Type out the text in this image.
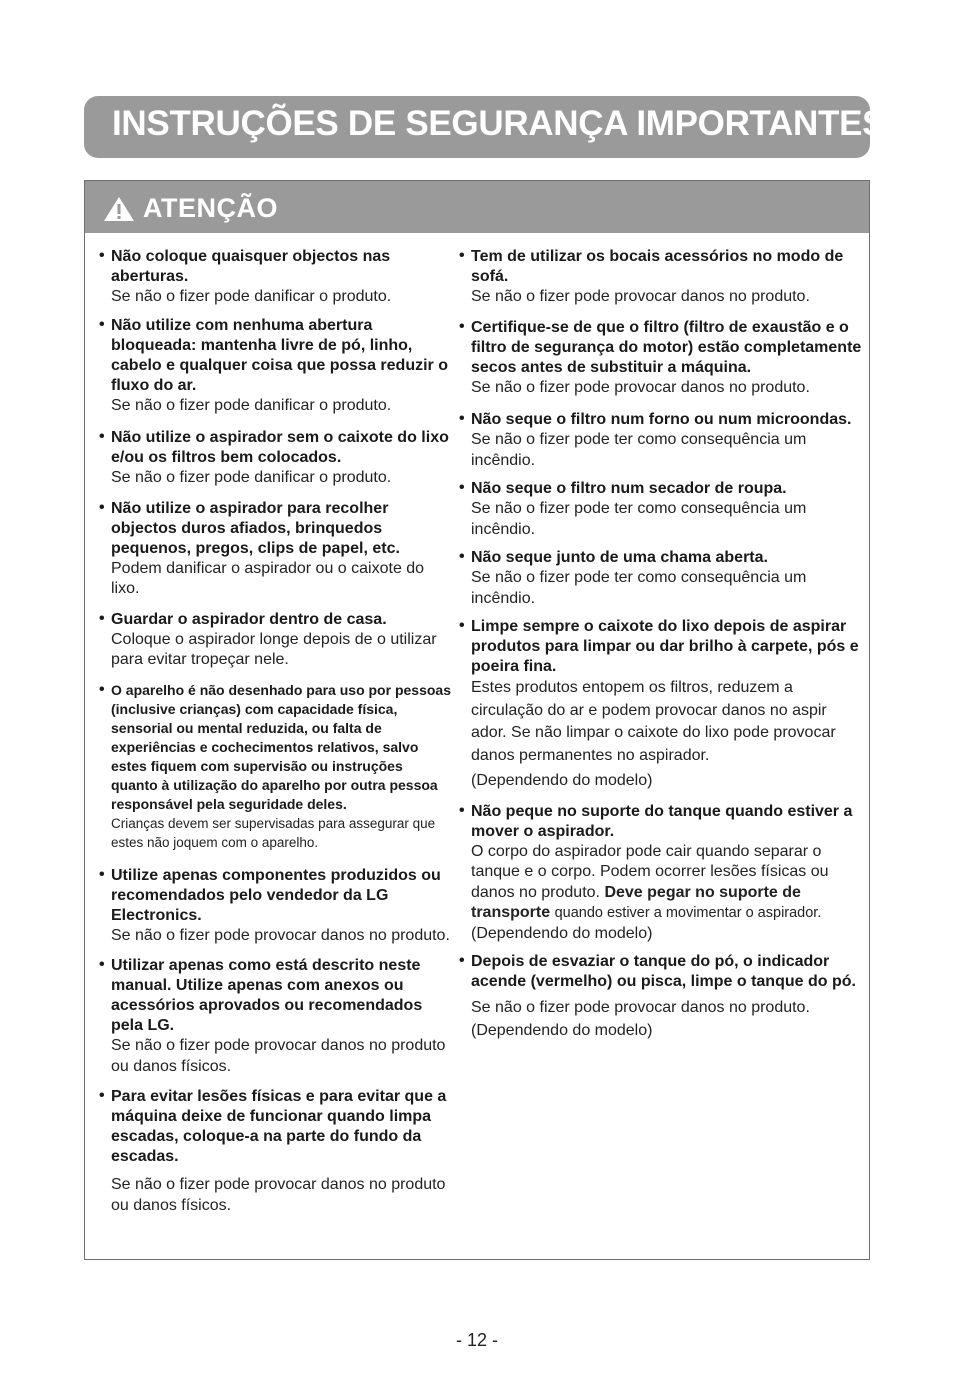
INSTRUÇÕES DE SEGURANÇA IMPORTANTES
ATENÇÃO
• Não coloque quaisquer objectos nas aberturas.
Se não o fizer pode danificar o produto.
• Não utilize com nenhuma abertura bloqueada: mantenha livre de pó, linho, cabelo e qualquer coisa que possa reduzir o fluxo do ar.
Se não o fizer pode danificar o produto.
• Não utilize o aspirador sem o caixote do lixo e/ou os filtros bem colocados.
Se não o fizer pode danificar o produto.
• Não utilize o aspirador para recolher objectos duros afiados, brinquedos pequenos, pregos, clips de papel, etc.
Podem danificar o aspirador ou o caixote do lixo.
• Guardar o aspirador dentro de casa.
Coloque o aspirador longe depois de o utilizar para evitar tropeçar nele.
• O aparelho é não desenhado para uso por pessoas (inclusive crianças) com capacidade física, sensorial ou mental reduzida, ou falta de experiências e cochecimentos relativos, salvo estes fiquem com supervisão ou instruções quanto à utilização do aparelho por outra pessoa responsável pela seguridade deles.
Crianças devem ser supervisadas para assegurar que estes não joquem com o aparelho.
• Utilize apenas componentes produzidos ou recomendados pelo vendedor da LG Electronics.
Se não o fizer pode provocar danos no produto.
• Utilizar apenas como está descrito neste manual. Utilize apenas com anexos ou acessórios aprovados ou recomendados pela LG.
Se não o fizer pode provocar danos no produto ou danos físicos.
• Para evitar lesões físicas e para evitar que a máquina deixe de funcionar quando limpa escadas, coloque-a na parte do fundo da escadas.
Se não o fizer pode provocar danos no produto ou danos físicos.
• Tem de utilizar os bocais acessórios no modo de sofá.
Se não o fizer pode provocar danos no produto.
• Certifique-se de que o filtro (filtro de exaustão e o filtro de segurança do motor) estão completamente secos antes de substituir a máquina.
Se não o fizer pode provocar danos no produto.
• Não seque o filtro num forno ou num microondas.
Se não o fizer pode ter como consequência um incêndio.
• Não seque o filtro num secador de roupa.
Se não o fizer pode ter como consequência um incêndio.
• Não seque junto de uma chama aberta.
Se não o fizer pode ter como consequência um incêndio.
• Limpe sempre o caixote do lixo depois de aspirar produtos para limpar ou dar brilho à carpete, pós e poeira fina.
Estes produtos entopem os filtros, reduzem a circulação do ar e podem provocar danos no aspir ador. Se não limpar o caixote do lixo pode provocar danos permanentes no aspirador.
(Dependendo do modelo)
• Não peque no suporte do tanque quando estiver a mover o aspirador.
O corpo do aspirador pode cair quando separar o tanque e o corpo. Podem ocorrer lesões físicas ou danos no produto. Deve pegar no suporte de transporte quando estiver a movimentar o aspirador.
(Dependendo do modelo)
• Depois de esvaziar o tanque do pó, o indicador acende (vermelho) ou pisca, limpe o tanque do pó.
Se não o fizer pode provocar danos no produto.
(Dependendo do modelo)
- 12 -
